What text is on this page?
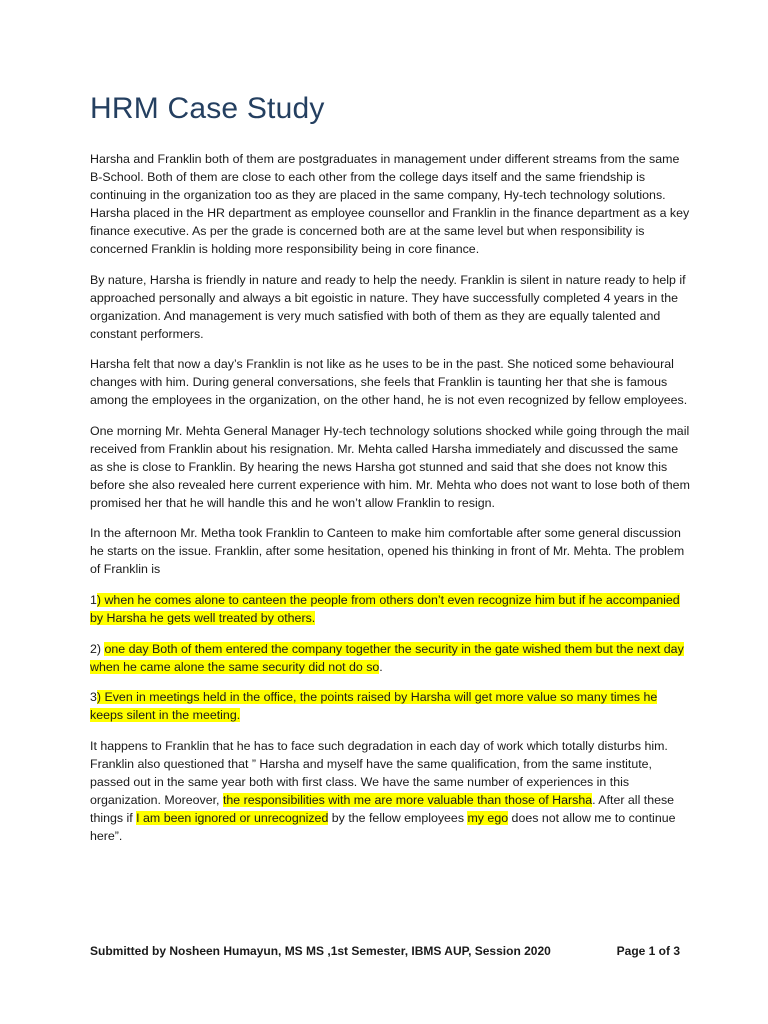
HRM Case Study

Harsha and Franklin both of them are postgraduates in management under different streams from the same B-School. Both of them are close to each other from the college days itself and the same friendship is continuing in the organization too as they are placed in the same company, Hy-tech technology solutions. Harsha placed in the HR department as employee counsellor and Franklin in the finance department as a key finance executive. As per the grade is concerned both are at the same level but when responsibility is concerned Franklin is holding more responsibility being in core finance.

By nature, Harsha is friendly in nature and ready to help the needy. Franklin is silent in nature ready to help if approached personally and always a bit egoistic in nature. They have successfully completed 4 years in the organization. And management is very much satisfied with both of them as they are equally talented and constant performers.

Harsha felt that now a day’s Franklin is not like as he uses to be in the past. She noticed some behavioural changes with him. During general conversations, she feels that Franklin is taunting her that she is famous among the employees in the organization, on the other hand, he is not even recognized by fellow employees.

One morning Mr. Mehta General Manager Hy-tech technology solutions shocked while going through the mail received from Franklin about his resignation. Mr. Mehta called Harsha immediately and discussed the same as she is close to Franklin. By hearing the news Harsha got stunned and said that she does not know this before she also revealed here current experience with him. Mr. Mehta who does not want to lose both of them promised her that he will handle this and he won’t allow Franklin to resign.

In the afternoon Mr. Metha took Franklin to Canteen to make him comfortable after some general discussion he starts on the issue. Franklin, after some hesitation, opened his thinking in front of Mr. Mehta. The problem of Franklin is

1) when he comes alone to canteen the people from others don’t even recognize him but if he accompanied by Harsha he gets well treated by others.

2) one day Both of them entered the company together the security in the gate wished them but the next day when he came alone the same security did not do so.

3) Even in meetings held in the office, the points raised by Harsha will get more value so many times he keeps silent in the meeting.

It happens to Franklin that he has to face such degradation in each day of work which totally disturbs him. Franklin also questioned that ” Harsha and myself have the same qualification, from the same institute, passed out in the same year both with first class. We have the same number of experiences in this organization. Moreover, the responsibilities with me are more valuable than those of Harsha. After all these things if I am been ignored or unrecognized by the fellow employees my ego does not allow me to continue here”.

Submitted by Nosheen Humayun, MS MS ,1st Semester, IBMS AUP, Session 2020	Page 1 of 3
